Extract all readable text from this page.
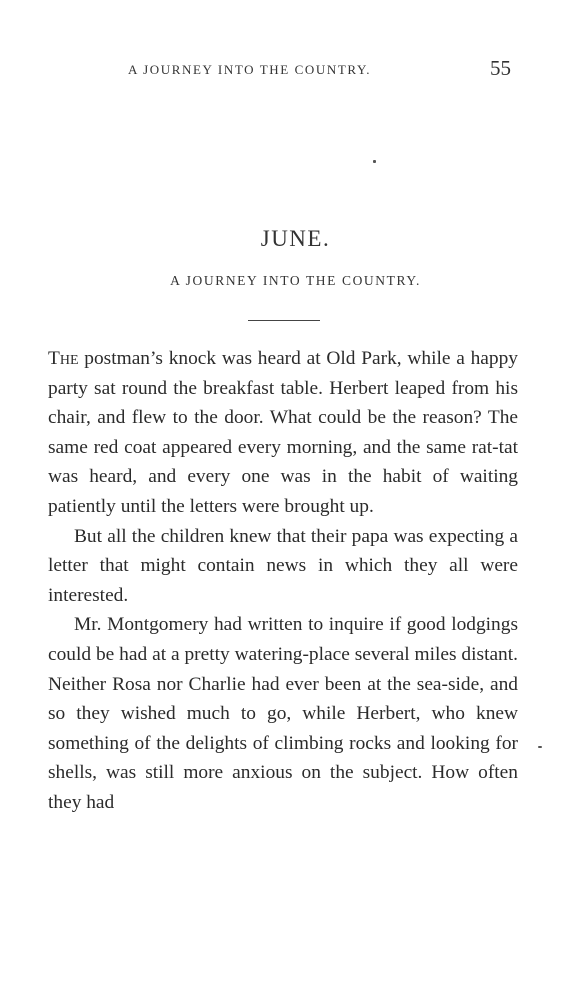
A JOURNEY INTO THE COUNTRY.	55
JUNE.
A JOURNEY INTO THE COUNTRY.

The postman’s knock was heard at Old Park, while a happy party sat round the breakfast table. Herbert leaped from his chair, and flew to the door. What could be the reason? The same red coat appeared every morning, and the same rat-tat was heard, and every one was in the habit of waiting patiently until the letters were brought up.

But all the children knew that their papa was expecting a letter that might contain news in which they all were interested.

Mr. Montgomery had written to inquire if good lodgings could be had at a pretty watering-place several miles distant. Neither Rosa nor Charlie had ever been at the sea-side, and so they wished much to go, while Herbert, who knew something of the delights of climbing rocks and looking for shells, was still more anxious on the subject. How often they had
